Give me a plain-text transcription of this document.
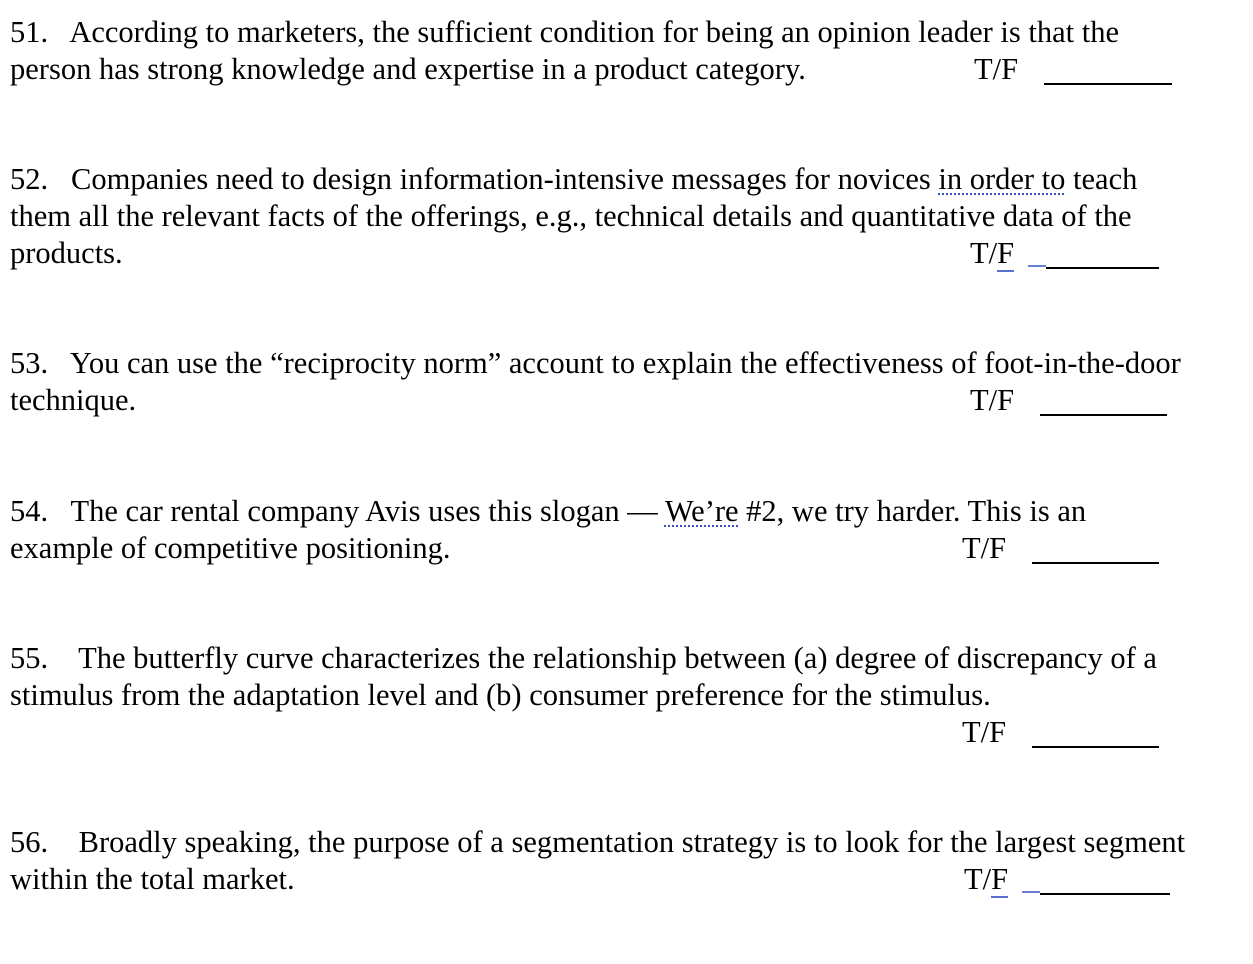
51. According to marketers, the sufficient condition for being an opinion leader is that the
person has strong knowledge and expertise in a product category.	T/F
52. Companies need to design information-intensive messages for novices in order to teach
them all the relevant facts of the offerings, e.g., technical details and quantitative data of the
products.	T/F
53. You can use the “reciprocity norm” account to explain the effectiveness of foot-in-the-door
technique.	T/F
54. The car rental company Avis uses this slogan — We’re #2, we try harder. This is an
example of competitive positioning.	T/F
55. The butterfly curve characterizes the relationship between (a) degree of discrepancy of a
stimulus from the adaptation level and (b) consumer preference for the stimulus.
T/F
56. Broadly speaking, the purpose of a segmentation strategy is to look for the largest segment
within the total market.	T/F
